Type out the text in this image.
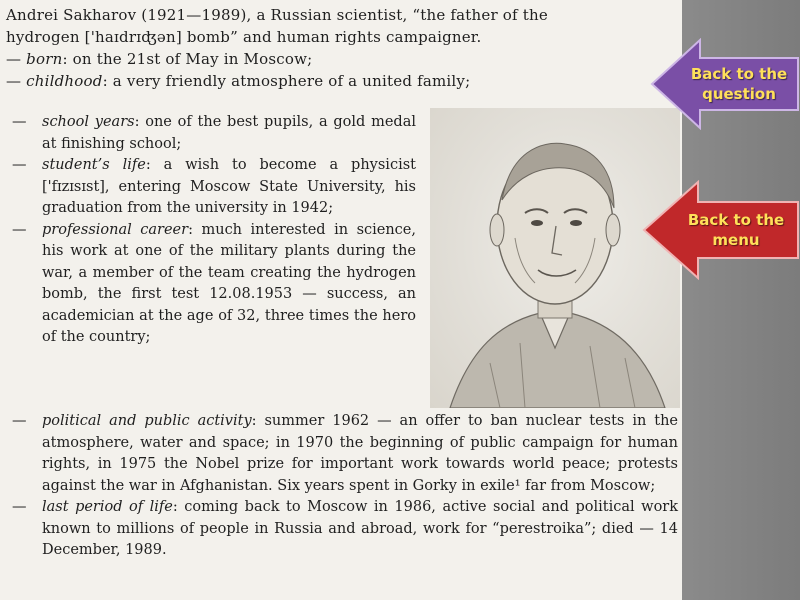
Andrei Sakharov (1921—1989), a Russian scientist, “the father of the
hydrogen ['haɪdrɪʤən] bomb” and human rights campaigner.
— born: on the 21st of May in Moscow;
— childhood: a very friendly atmosphere of a united family;
— school years: one of the best pupils, a gold medal at finishing school;
— student’s life: a wish to become a physicist ['fɪzɪsɪst], entering Moscow State University, his graduation from the university in 1942;
— professional career: much interested in science, his work at one of the military plants during the war, a member of the team creating the hydrogen bomb, the first test 12.08.1953 — success, an academician at the age of 32, three times the hero of the country;
— political and public activity: summer 1962 — an offer to ban nuclear tests in the atmosphere, water and space; in 1970 the beginning of public campaign for human rights, in 1975 the Nobel prize for important work towards world peace; protests against the war in Afghanistan. Six years spent in Gorky in exile¹ far from Moscow;
— last period of life: coming back to Moscow in 1986, active social and political work known to millions of people in Russia and abroad, work for “perestroika”; died — 14 December, 1989.
Back to the
question
Back to the
menu
